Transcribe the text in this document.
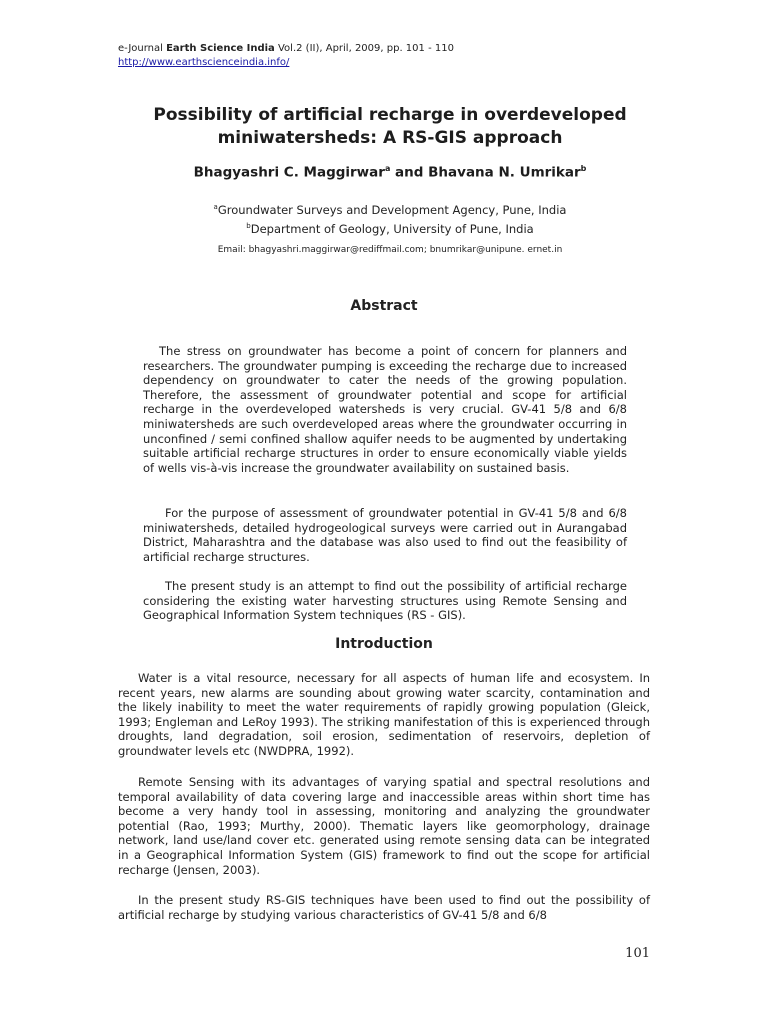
e-Journal Earth Science India Vol.2 (II), April, 2009, pp. 101 - 110
http://www.earthscienceindia.info/
Possibility of artificial recharge in overdeveloped miniwatersheds: A RS-GIS approach
Bhagyashri C. Maggirwar$^a$ and Bhavana N. Umrikar$^b$
$^a$Groundwater Surveys and Development Agency, Pune, India
$^b$Department of Geology, University of Pune, India
Email: bhagyashri.maggirwar@rediffmail.com; bnumrikar@unipune. ernet.in
Abstract

The stress on groundwater has become a point of concern for planners and researchers. The groundwater pumping is exceeding the recharge due to increased dependency on groundwater to cater the needs of the growing population. Therefore, the assessment of groundwater potential and scope for artificial recharge in the overdeveloped watersheds is very crucial. GV-41 5/8 and 6/8 miniwatersheds are such overdeveloped areas where the groundwater occurring in unconfined / semi confined shallow aquifer needs to be augmented by undertaking suitable artificial recharge structures in order to ensure economically viable yields of wells vis-à-vis increase the groundwater availability on sustained basis.

For the purpose of assessment of groundwater potential in GV-41 5/8 and 6/8 miniwatersheds, detailed hydrogeological surveys were carried out in Aurangabad District, Maharashtra and the database was also used to find out the feasibility of artificial recharge structures.

The present study is an attempt to find out the possibility of artificial recharge considering the existing water harvesting structures using Remote Sensing and Geographical Information System techniques (RS - GIS).

Introduction

Water is a vital resource, necessary for all aspects of human life and ecosystem. In recent years, new alarms are sounding about growing water scarcity, contamination and the likely inability to meet the water requirements of rapidly growing population (Gleick, 1993; Engleman and LeRoy 1993). The striking manifestation of this is experienced through droughts, land degradation, soil erosion, sedimentation of reservoirs, depletion of groundwater levels etc (NWDPRA, 1992).

Remote Sensing with its advantages of varying spatial and spectral resolutions and temporal availability of data covering large and inaccessible areas within short time has become a very handy tool in assessing, monitoring and analyzing the groundwater potential (Rao, 1993; Murthy, 2000). Thematic layers like geomorphology, drainage network, land use/land cover etc. generated using remote sensing data can be integrated in a Geographical Information System (GIS) framework to find out the scope for artificial recharge (Jensen, 2003).

In the present study RS-GIS techniques have been used to find out the possibility of artificial recharge by studying various characteristics of GV-41 5/8 and 6/8

101
